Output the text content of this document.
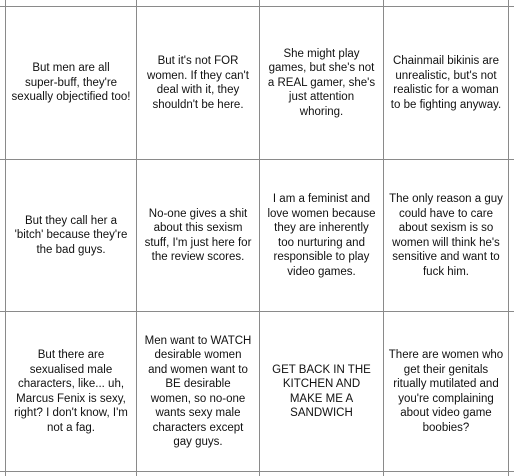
But men are all
super-buff, they're
sexually objectified too!
But it's not FOR
women. If they can't
deal with it, they
shouldn't be here.
She might play
games, but she's not
a REAL gamer, she's
just attention
whoring.
Chainmail bikinis are
unrealistic, but's not
realistic for a woman
to be fighting anyway.
But they call her a
'bitch' because they're
the bad guys.
No-one gives a shit
about this sexism
stuff, I'm just here for
the review scores.
I am a feminist and
love women because
they are inherently
too nurturing and
responsible to play
video games.
The only reason a guy
could have to care
about sexism is so
women will think he's
sensitive and want to
fuck him.
But there are
sexualised male
characters, like... uh,
Marcus Fenix is sexy,
right? I don't know, I'm
not a fag.
Men want to WATCH
desirable women
and women want to
BE desirable
women, so no-one
wants sexy male
characters except
gay guys.
GET BACK IN THE
KITCHEN AND
MAKE ME A
SANDWICH
There are women who
get their genitals
ritually mutilated and
you're complaining
about video game
boobies?
